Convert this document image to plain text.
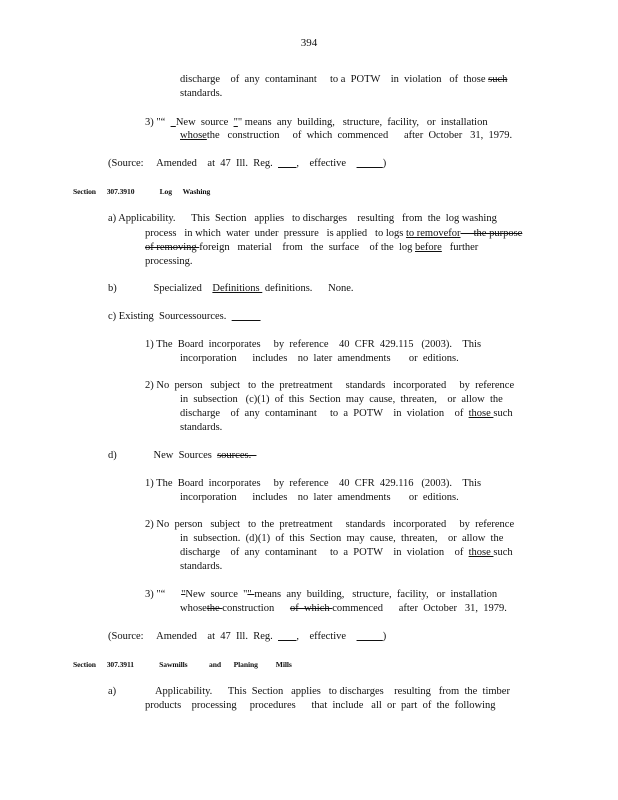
394
discharge    of  any  contaminant     to a  POTW    in  violation   of  those such
standards.
3) "“    New  source  "" means  any  building,   structure,  facility,   or  installation
whosethe   construction     of  which  commenced      after  October   31,  1979.
(Source:     Amended    at  47  Ill.  Reg.         ,    effective	)
Section      307.3910              Log      Washing
a) Applicability.      This  Section   applies   to discharges    resulting   from  the  log washing
process   in which  water  under  pressure   is applied   to logs to removefor     the purpose
of removing foreign   material    from   the  surface    of the  log before   further
processing.
b)              Specialized    Definitions  definitions.      None.
c) Existing  Sourcessources.
1) The  Board  incorporates     by  reference    40  CFR  429.115   (2003).    This
incorporation      includes    no  later  amendments       or  editions.
2) No  person   subject   to  the  pretreatment     standards   incorporated     by  reference
in  subsection   (c)(1)  of  this  Section  may  cause,  threaten,    or  allow  the
discharge    of  any  contaminant     to  a  POTW    in  violation    of  those such
standards.
d)              New  Sources  sources.
1) The  Board  incorporates     by  reference    40  CFR  429.116   (2003).    This
incorporation      includes    no  later  amendments       or  editions.
2) No  person   subject   to  the  pretreatment     standards   incorporated     by  reference
in  subsection.  (d)(1)  of  this  Section  may  cause,  threaten,    or  allow  the
discharge    of  any  contaminant     to  a  POTW    in  violation    of  those such
standards.
3) "“      "New  source  "" means  any  building,   structure,  facility,   or  installation
whosethe construction      of  which commenced      after  October   31,  1979.
(Source:     Amended    at  47  Ill.  Reg.         ,    effective	)
Section      307.3911              Sawmills            and       Planing          Mills
a)               Applicability.      This  Section   applies   to discharges    resulting   from  the  timber
products    processing     procedures      that  include   all  or  part  of  the  following
